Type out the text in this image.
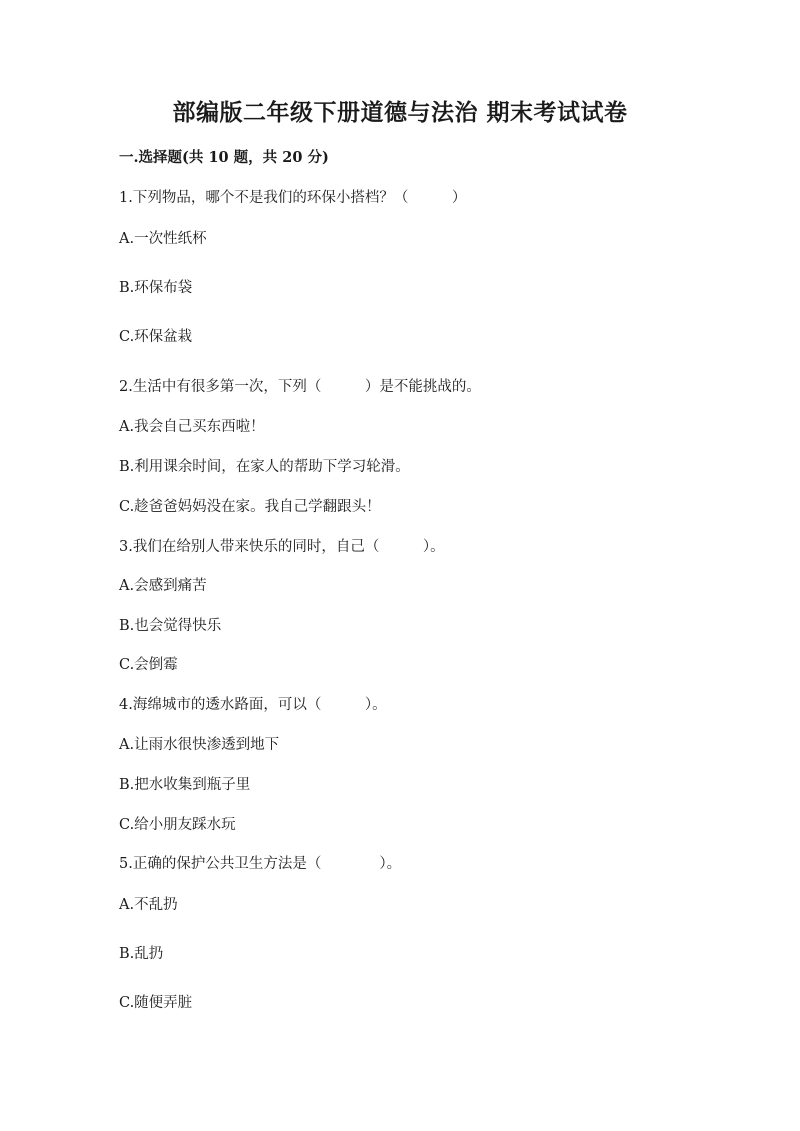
部编版二年级下册道德与法治 期末考试试卷
一.选择题(共 10 题，共 20 分)
1.下列物品，哪个不是我们的环保小搭档？（　　　）
A.一次性纸杯
B.环保布袋
C.环保盆栽
2.生活中有很多第一次，下列（　　　）是不能挑战的。
A.我会自己买东西啦！
B.利用课余时间，在家人的帮助下学习轮滑。
C.趁爸爸妈妈没在家。我自己学翻跟头！
3.我们在给别人带来快乐的同时，自己（　　　）。
A.会感到痛苦
B.也会觉得快乐
C.会倒霉
4.海绵城市的透水路面，可以（　　　）。
A.让雨水很快渗透到地下
B.把水收集到瓶子里
C.给小朋友踩水玩
5.正确的保护公共卫生方法是（　　　　）。
A.不乱扔
B.乱扔
C.随便弄脏
